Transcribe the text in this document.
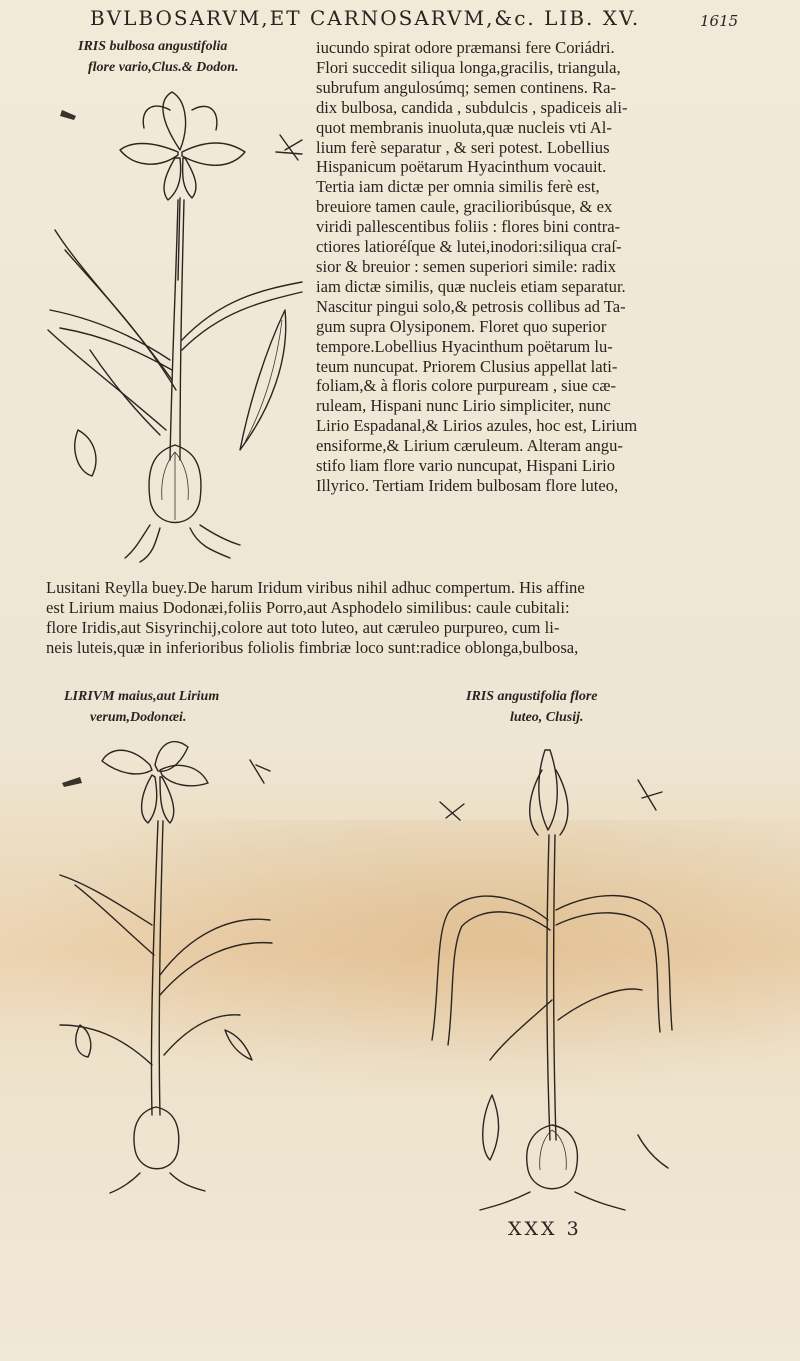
BVLBOSARVM,ET CARNOSARVM,&c. LIB. XV.	1615
IRIS bulbosa angustifolia
flore vario,Clus.& Dodon.
iucundo spirat odore præmansi fere Coriádri.
Flori succedit siliqua longa,gracilis, triangula,
subrufum angulosúmq; semen continens. Ra-
dix bulbosa, candida , subdulcis , spadiceis ali-
quot membranis inuoluta,quæ nucleis vti Al-
lium ferè separatur , & seri potest. Lobellius
Hispanicum poëtarum Hyacinthum vocauit.
Tertia iam dictæ per omnia similis ferè est,
breuiore tamen caule, gracilioribúsque, & ex
viridi pallescentibus foliis : flores bini contra-
ctiores latioréſque & lutei,inodori:siliqua craſ-
sior & breuior : semen superiori simile: radix
iam dictæ similis, quæ nucleis etiam separatur.
Nascitur pingui solo,& petrosis collibus ad Ta-
gum supra Olysiponem. Floret quo superior
tempore.Lobellius Hyacinthum poëtarum lu-
teum nuncupat. Priorem Clusius appellat lati-
foliam,& à floris colore purpuream , siue cæ-
ruleam, Hispani nunc Lirio simpliciter, nunc
Lirio Espadanal,& Lirios azules, hoc est, Lirium
ensiforme,& Lirium cæruleum. Alteram angu-
stifo liam flore vario nuncupat, Hispani Lirio
Illyrico. Tertiam Iridem bulbosam flore luteo,
Lusitani Reylla buey.De harum Iridum viribus nihil adhuc compertum. His affine
est Lirium maius Dodonæi,foliis Porro,aut Asphodelo similibus: caule cubitali:
flore Iridis,aut Sisyrinchij,colore aut toto luteo, aut cæruleo purpureo, cum li-
neis luteis,quæ in inferioribus foliolis fimbriæ loco sunt:radice oblonga,bulbosa,
LIRIVM maius,aut Lirium
verum,Dodonæi.
IRIS angustifolia flore
luteo, Clusij.
XXX 3
